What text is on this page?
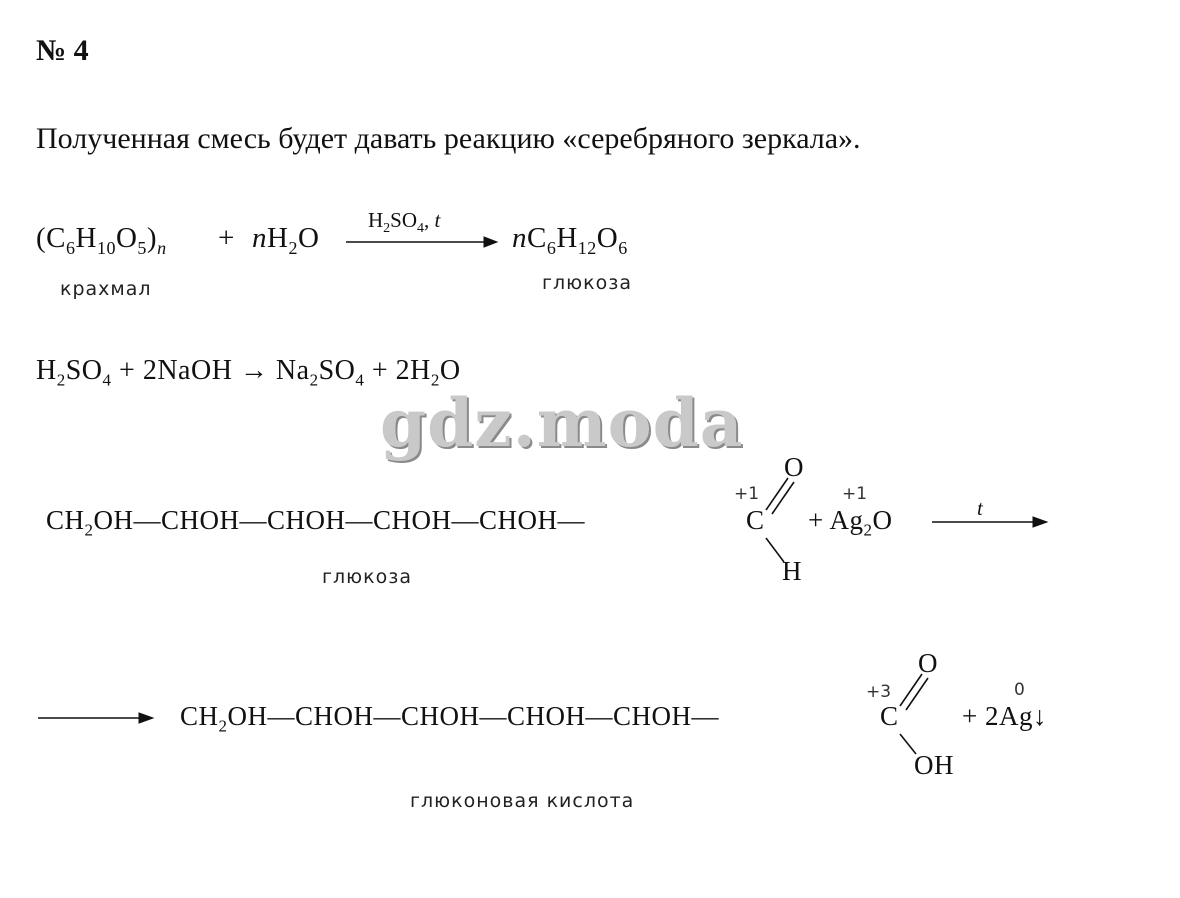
№ 4
Полученная смесь будет давать реакцию «серебряного зеркала».
$(C_6H_{10}O_5)_n + nH_2O$
$H_2SO_4$, t
$nC_6H_{12}O_6$
крахмал	глюкоза
$H_2SO_4$ + 2NaOH → $Na_2SO_4 + 2H_2O$
gdz.moda
$CH_2OH—CHOH—CHOH—CHOH—CHOH—$	C
+1
O
H
+ $Ag_2O$
+1
t
глюкоза
$CH_2OH—CHOH—CHOH—CHOH—CHOH—$	C
+3
O
OH
+ 2Ag↓
0
глюконовая кислота
